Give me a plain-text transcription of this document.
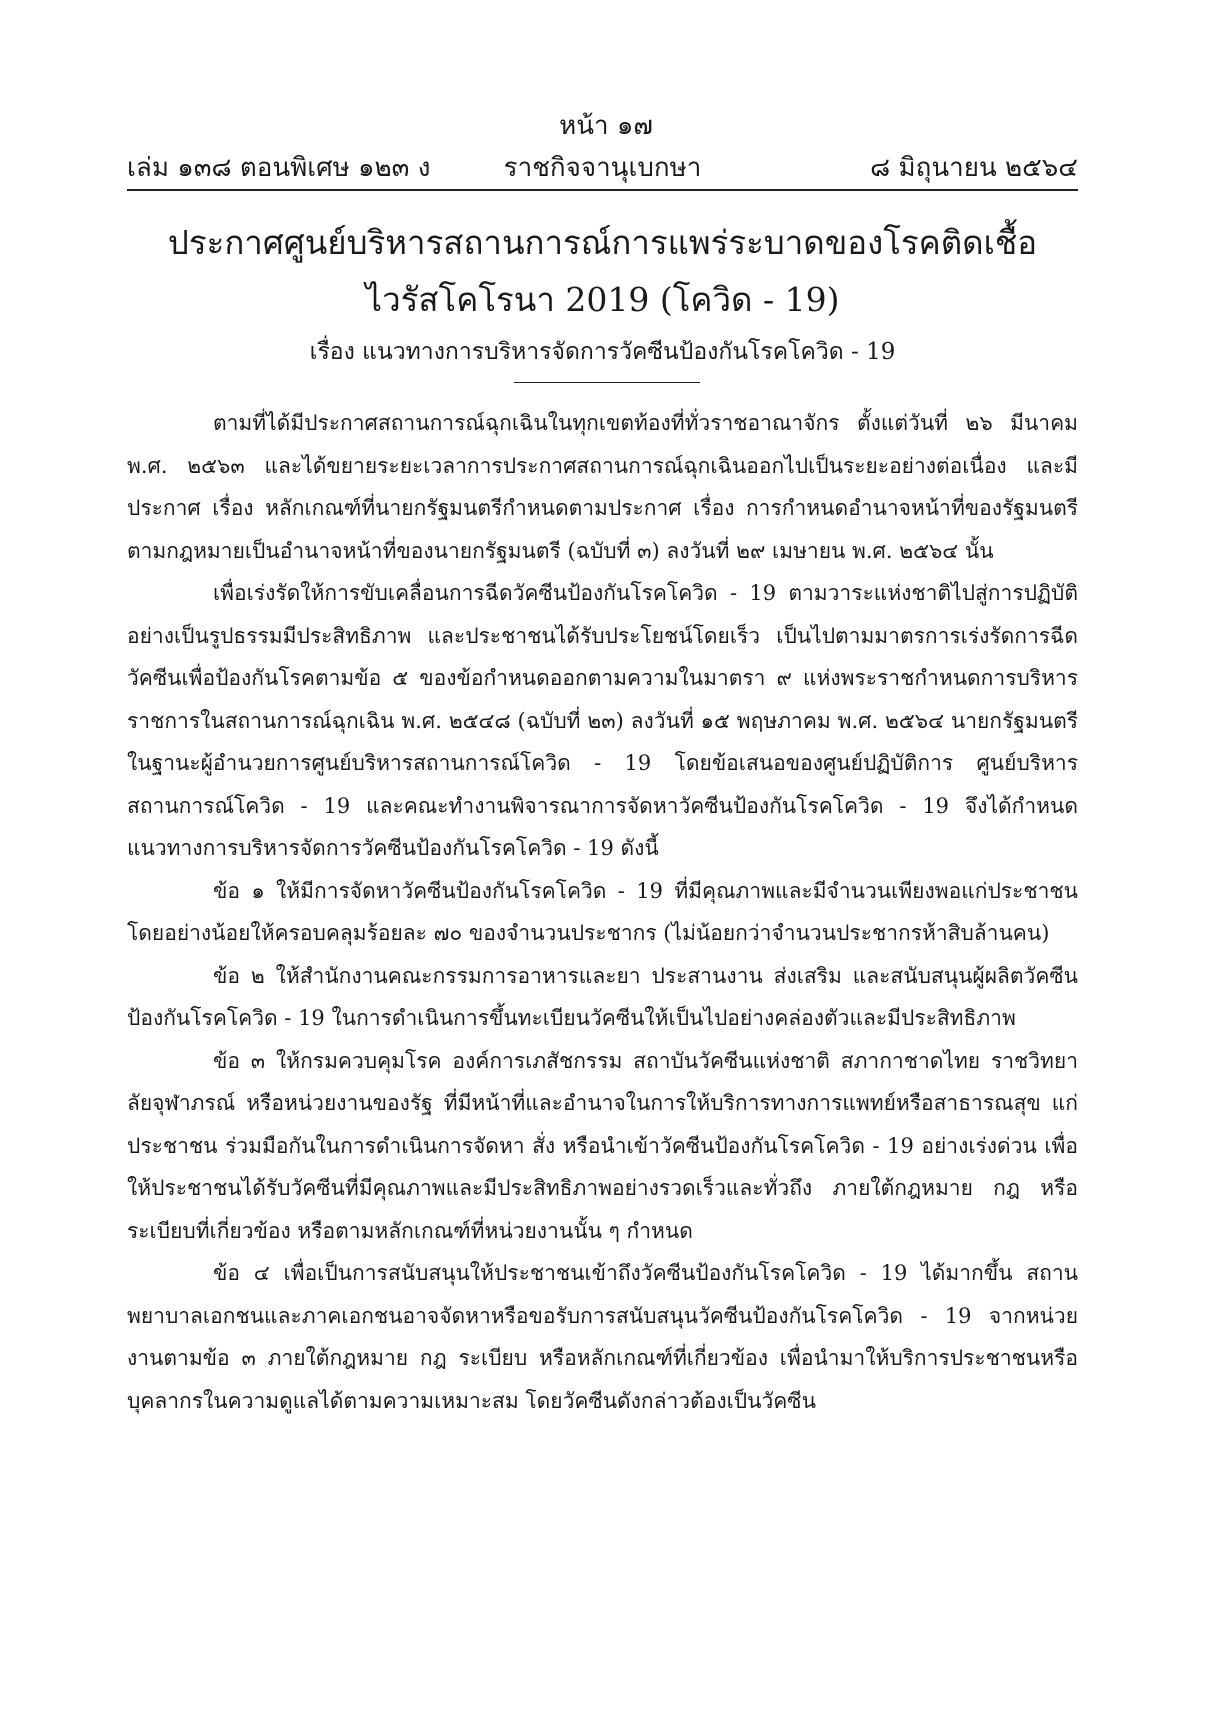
หน้า ๑๗
ราชกิจจานุเบกษา
เล่ม ๑๓๘ ตอนพิเศษ ๑๒๓ ง	๘ มิถุนายน ๒๕๖๔
ประกาศศูนย์บริหารสถานการณ์การแพร่ระบาดของโรคติดเชื้อ
ไวรัสโคโรนา 2019 (โควิด - 19)
เรื่อง แนวทางการบริหารจัดการวัคซีนป้องกันโรคโควิด - 19

ตามที่ได้มีประกาศสถานการณ์ฉุกเฉินในทุกเขตท้องที่ทั่วราชอาณาจักร ตั้งแต่วันที่ ๒๖ มีนาคม พ.ศ. ๒๕๖๓ และได้ขยายระยะเวลาการประกาศสถานการณ์ฉุกเฉินออกไปเป็นระยะอย่างต่อเนื่อง และมีประกาศ เรื่อง หลักเกณฑ์ที่นายกรัฐมนตรีกำหนดตามประกาศ เรื่อง การกำหนดอำนาจหน้าที่ของรัฐมนตรีตามกฎหมายเป็นอำนาจหน้าที่ของนายกรัฐมนตรี (ฉบับที่ ๓) ลงวันที่ ๒๙ เมษายน พ.ศ. ๒๕๖๔ นั้น

เพื่อเร่งรัดให้การขับเคลื่อนการฉีดวัคซีนป้องกันโรคโควิด - 19 ตามวาระแห่งชาติไปสู่การปฏิบัติอย่างเป็นรูปธรรมมีประสิทธิภาพ และประชาชนได้รับประโยชน์โดยเร็ว เป็นไปตามมาตรการเร่งรัดการฉีดวัคซีนเพื่อป้องกันโรคตามข้อ ๕ ของข้อกำหนดออกตามความในมาตรา ๙ แห่งพระราชกำหนดการบริหารราชการในสถานการณ์ฉุกเฉิน พ.ศ. ๒๕๔๘ (ฉบับที่ ๒๓) ลงวันที่ ๑๕ พฤษภาคม พ.ศ. ๒๕๖๔ นายกรัฐมนตรีในฐานะผู้อำนวยการศูนย์บริหารสถานการณ์โควิด - 19 โดยข้อเสนอของศูนย์ปฏิบัติการ ศูนย์บริหารสถานการณ์โควิด - 19 และคณะทำงานพิจารณาการจัดหาวัคซีนป้องกันโรคโควิด - 19 จึงได้กำหนดแนวทางการบริหารจัดการวัคซีนป้องกันโรคโควิด - 19 ดังนี้

ข้อ ๑ ให้มีการจัดหาวัคซีนป้องกันโรคโควิด - 19 ที่มีคุณภาพและมีจำนวนเพียงพอแก่ประชาชนโดยอย่างน้อยให้ครอบคลุมร้อยละ ๗๐ ของจำนวนประชากร (ไม่น้อยกว่าจำนวนประชากรห้าสิบล้านคน)

ข้อ ๒ ให้สำนักงานคณะกรรมการอาหารและยา ประสานงาน ส่งเสริม และสนับสนุนผู้ผลิตวัคซีนป้องกันโรคโควิด - 19 ในการดำเนินการขึ้นทะเบียนวัคซีนให้เป็นไปอย่างคล่องตัวและมีประสิทธิภาพ

ข้อ ๓ ให้กรมควบคุมโรค องค์การเภสัชกรรม สถาบันวัคซีนแห่งชาติ สภากาชาดไทย ราชวิทยาลัยจุฬาภรณ์ หรือหน่วยงานของรัฐ ที่มีหน้าที่และอำนาจในการให้บริการทางการแพทย์หรือสาธารณสุข แก่ประชาชน ร่วมมือกันในการดำเนินการจัดหา สั่ง หรือนำเข้าวัคซีนป้องกันโรคโควิด - 19 อย่างเร่งด่วน เพื่อให้ประชาชนได้รับวัคซีนที่มีคุณภาพและมีประสิทธิภาพอย่างรวดเร็วและทั่วถึง ภายใต้กฎหมาย กฎ หรือระเบียบที่เกี่ยวข้อง หรือตามหลักเกณฑ์ที่หน่วยงานนั้น ๆ กำหนด

ข้อ ๔ เพื่อเป็นการสนับสนุนให้ประชาชนเข้าถึงวัคซีนป้องกันโรคโควิด - 19 ได้มากขึ้น สถานพยาบาลเอกชนและภาคเอกชนอาจจัดหาหรือขอรับการสนับสนุนวัคซีนป้องกันโรคโควิด - 19 จากหน่วยงานตามข้อ ๓ ภายใต้กฎหมาย กฎ ระเบียบ หรือหลักเกณฑ์ที่เกี่ยวข้อง เพื่อนำมาให้บริการประชาชนหรือบุคลากรในความดูแลได้ตามความเหมาะสม โดยวัคซีนดังกล่าวต้องเป็นวัคซีน
